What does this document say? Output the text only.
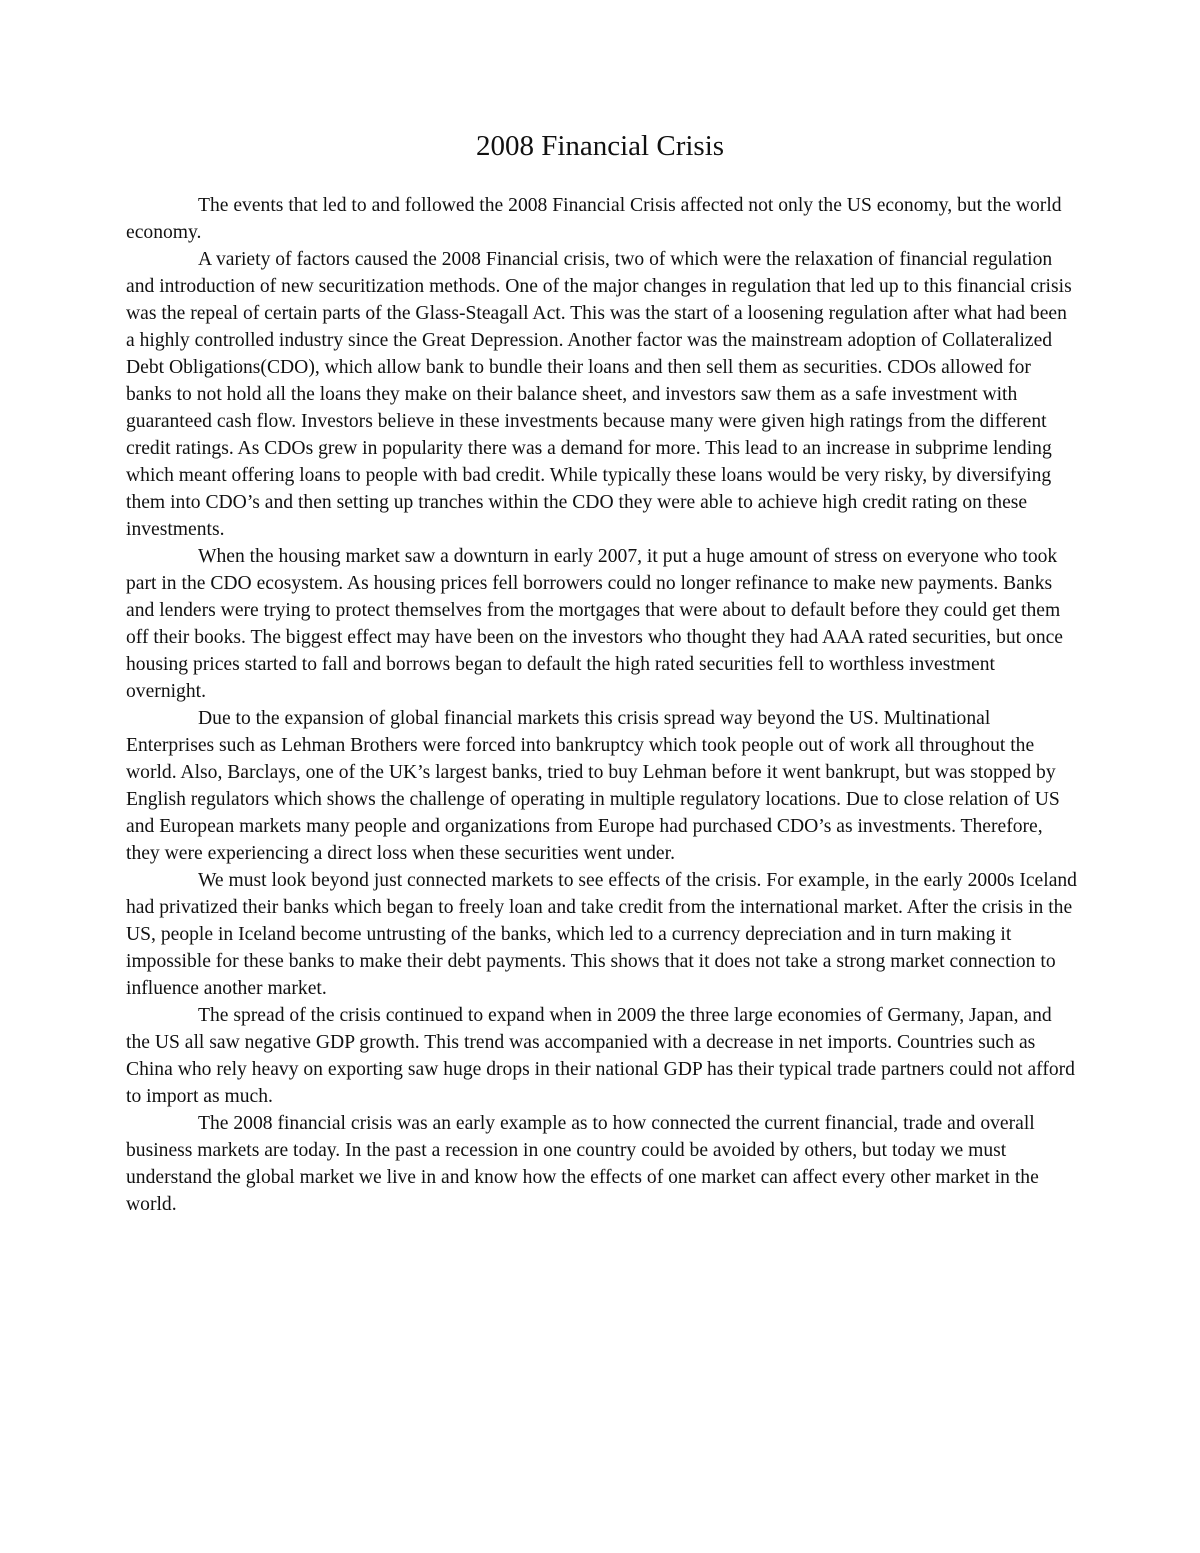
2008 Financial Crisis

The events that led to and followed the 2008 Financial Crisis affected not only the US economy, but the world economy.

A variety of factors caused the 2008 Financial crisis, two of which were the relaxation of financial regulation and introduction of new securitization methods. One of the major changes in regulation that led up to this financial crisis was the repeal of certain parts of the Glass-Steagall Act. This was the start of a loosening regulation after what had been a highly controlled industry since the Great Depression. Another factor was the mainstream adoption of Collateralized Debt Obligations(CDO), which allow bank to bundle their loans and then sell them as securities. CDOs allowed for banks to not hold all the loans they make on their balance sheet, and investors saw them as a safe investment with guaranteed cash flow. Investors believe in these investments because many were given high ratings from the different credit ratings. As CDOs grew in popularity there was a demand for more. This lead to an increase in subprime lending which meant offering loans to people with bad credit. While typically these loans would be very risky, by diversifying them into CDO’s and then setting up tranches within the CDO they were able to achieve high credit rating on these investments.

When the housing market saw a downturn in early 2007, it put a huge amount of stress on everyone who took part in the CDO ecosystem. As housing prices fell borrowers could no longer refinance to make new payments. Banks and lenders were trying to protect themselves from the mortgages that were about to default before they could get them off their books. The biggest effect may have been on the investors who thought they had AAA rated securities, but once housing prices started to fall and borrows began to default the high rated securities fell to worthless investment overnight.

Due to the expansion of global financial markets this crisis spread way beyond the US. Multinational Enterprises such as Lehman Brothers were forced into bankruptcy which took people out of work all throughout the world. Also, Barclays, one of the UK’s largest banks, tried to buy Lehman before it went bankrupt, but was stopped by English regulators which shows the challenge of operating in multiple regulatory locations. Due to close relation of US and European markets many people and organizations from Europe had purchased CDO’s as investments. Therefore, they were experiencing a direct loss when these securities went under.

We must look beyond just connected markets to see effects of the crisis. For example, in the early 2000s Iceland had privatized their banks which began to freely loan and take credit from the international market. After the crisis in the US, people in Iceland become untrusting of the banks, which led to a currency depreciation and in turn making it impossible for these banks to make their debt payments. This shows that it does not take a strong market connection to influence another market.

The spread of the crisis continued to expand when in 2009 the three large economies of Germany, Japan, and the US all saw negative GDP growth. This trend was accompanied with a decrease in net imports. Countries such as China who rely heavy on exporting saw huge drops in their national GDP has their typical trade partners could not afford to import as much.

The 2008 financial crisis was an early example as to how connected the current financial, trade and overall business markets are today. In the past a recession in one country could be avoided by others, but today we must understand the global market we live in and know how the effects of one market can affect every other market in the world.
